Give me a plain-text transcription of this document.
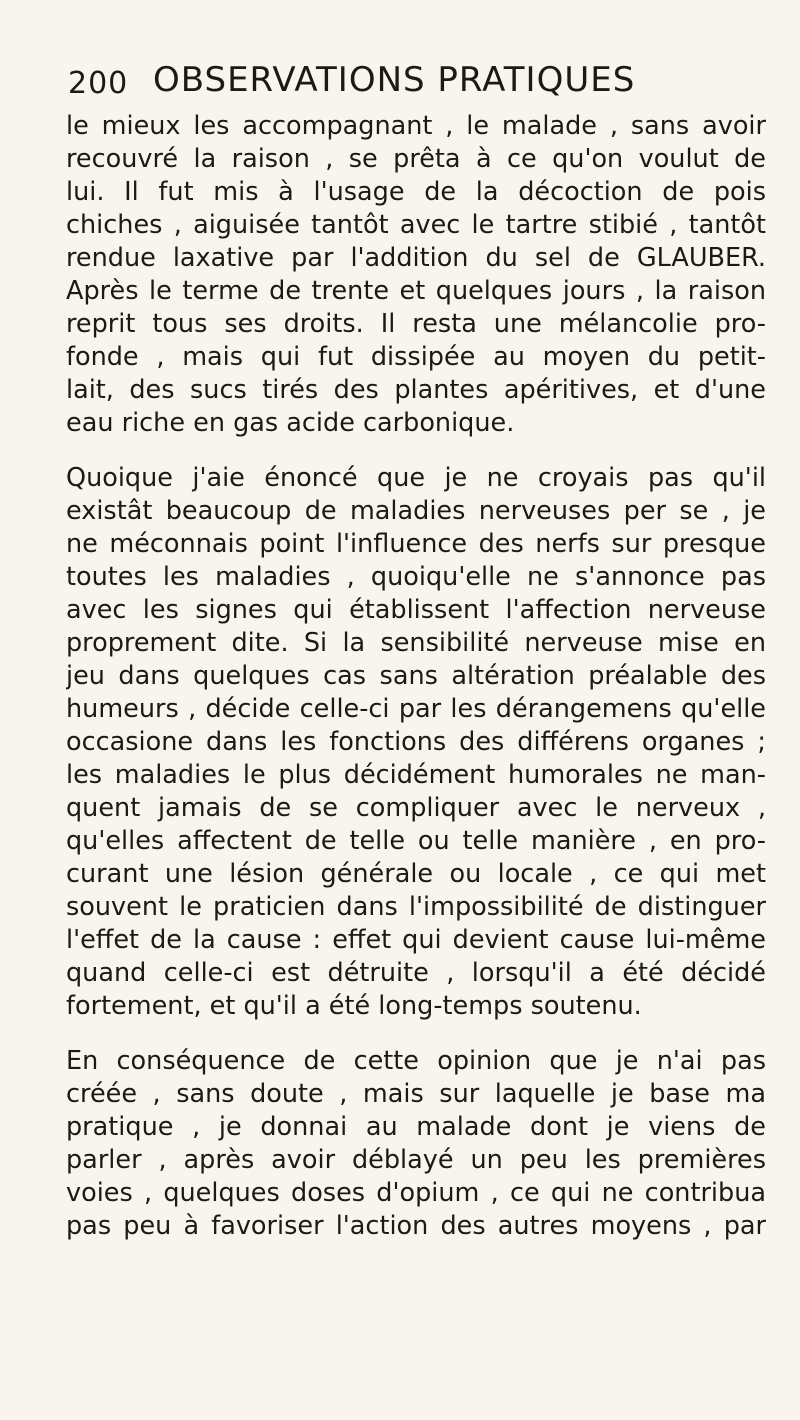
200 OBSERVATIONS PRATIQUES
le mieux les accompagnant , le malade , sans avoir
recouvré la raison , se prêta à ce qu'on voulut de
lui. Il fut mis à l'usage de la décoction de pois
chiches , aiguisée tantôt avec le tartre stibié , tantôt
rendue laxative par l'addition du sel de GLAUBER.
Après le terme de trente et quelques jours , la raison
reprit tous ses droits. Il resta une mélancolie pro-
fonde , mais qui fut dissipée au moyen du petit-
lait, des sucs tirés des plantes apéritives, et d'une
eau riche en gas acide carbonique.
Quoique j'aie énoncé que je ne croyais pas qu'il
existât beaucoup de maladies nerveuses per se , je
ne méconnais point l'influence des nerfs sur presque
toutes les maladies , quoiqu'elle ne s'annonce pas
avec les signes qui établissent l'affection nerveuse
proprement dite. Si la sensibilité nerveuse mise en
jeu dans quelques cas sans altération préalable des
humeurs , décide celle-ci par les dérangemens qu'elle
occasione dans les fonctions des différens organes ;
les maladies le plus décidément humorales ne man-
quent jamais de se compliquer avec le nerveux ,
qu'elles affectent de telle ou telle manière , en pro-
curant une lésion générale ou locale , ce qui met
souvent le praticien dans l'impossibilité de distinguer
l'effet de la cause : effet qui devient cause lui-même
quand celle-ci est détruite , lorsqu'il a été décidé
fortement, et qu'il a été long-temps soutenu.
En conséquence de cette opinion que je n'ai pas
créée , sans doute , mais sur laquelle je base ma
pratique , je donnai au malade dont je viens de
parler , après avoir déblayé un peu les premières
voies , quelques doses d'opium , ce qui ne contribua
pas peu à favoriser l'action des autres moyens , par
